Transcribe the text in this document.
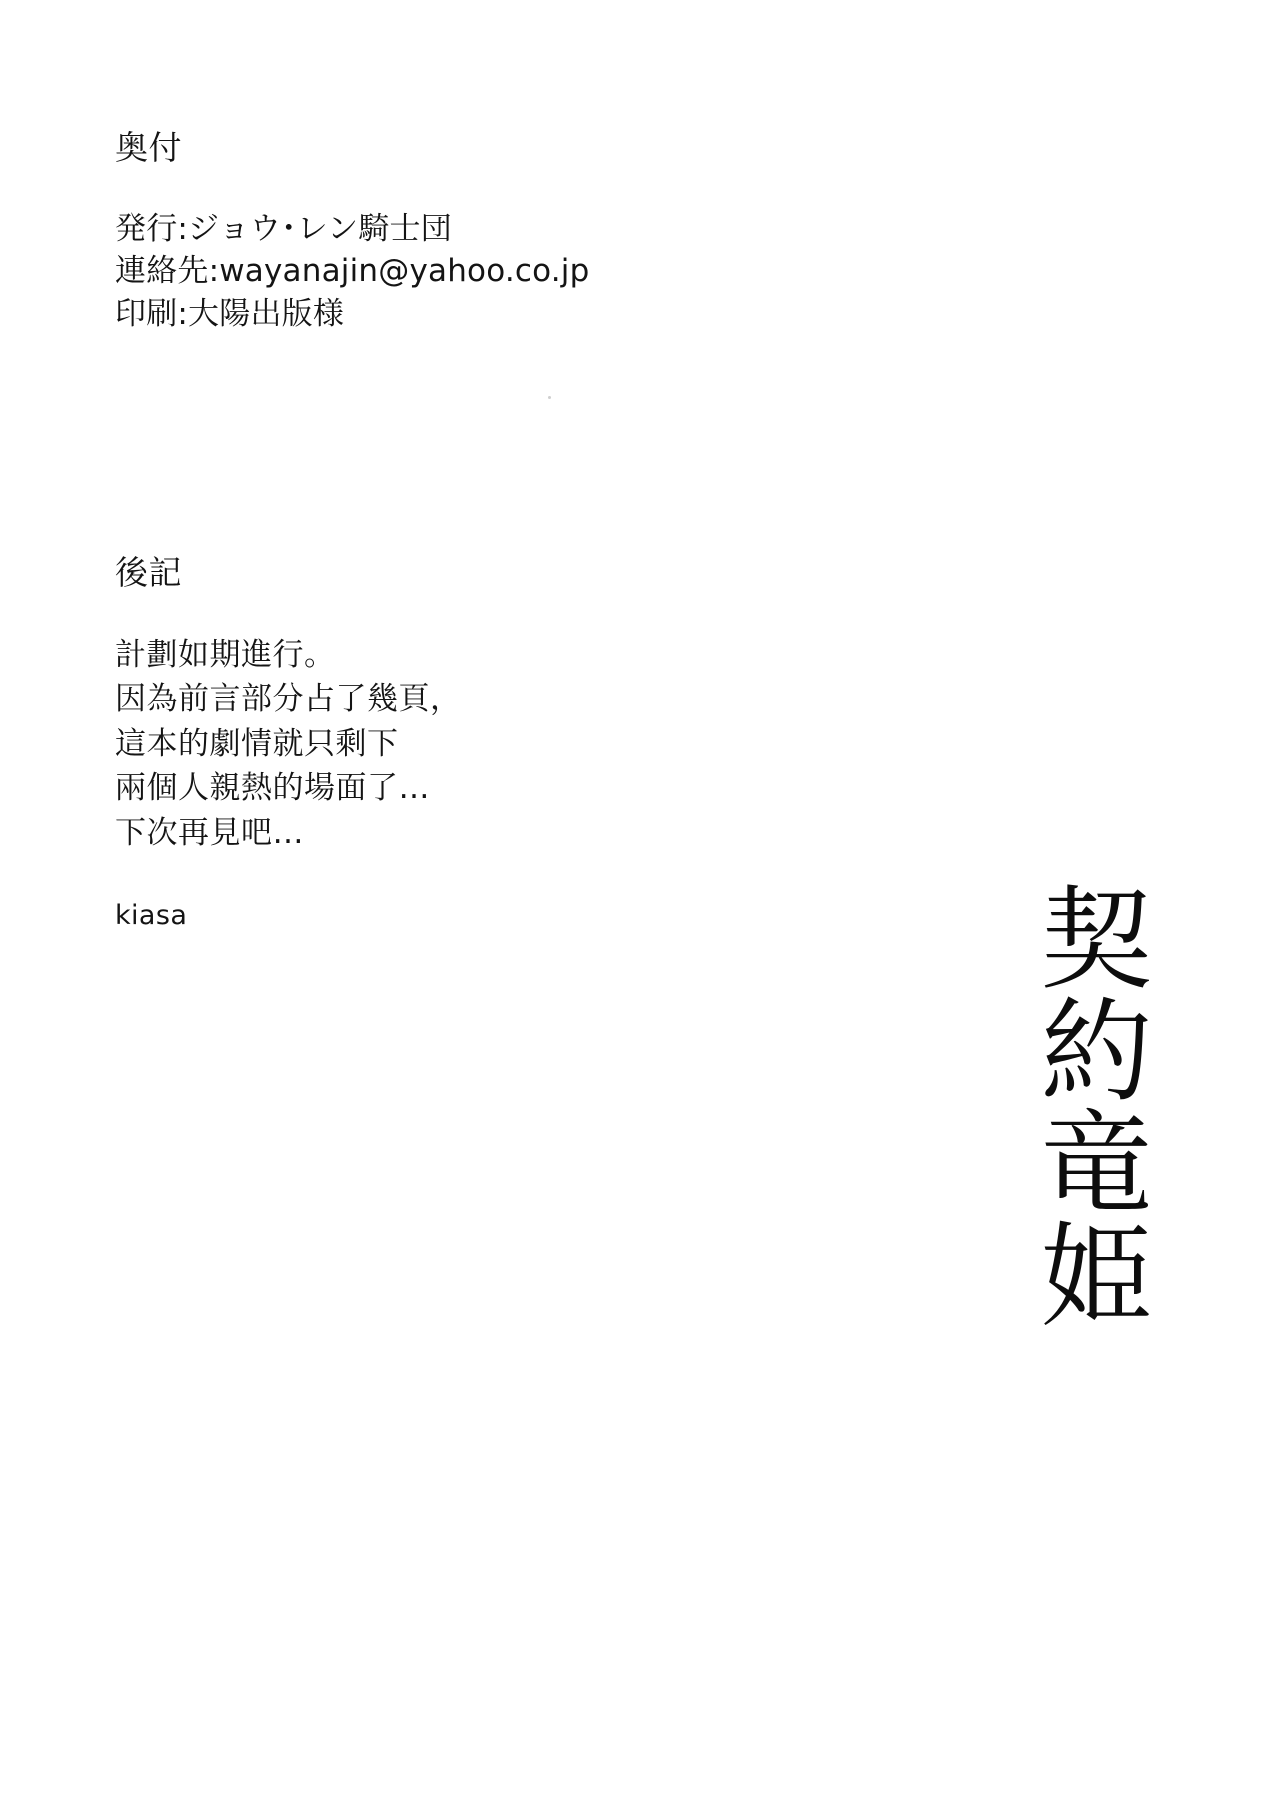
奥付
発行:ジョウ･レン騎士団
連絡先:wayanajin@yahoo.co.jp
印刷:大陽出版様
後記
計劃如期進行。
因為前言部分占了幾頁，
這本的劇情就只剩下
兩個人親熱的場面了…
下次再見吧…
kiasa	契約竜姫
